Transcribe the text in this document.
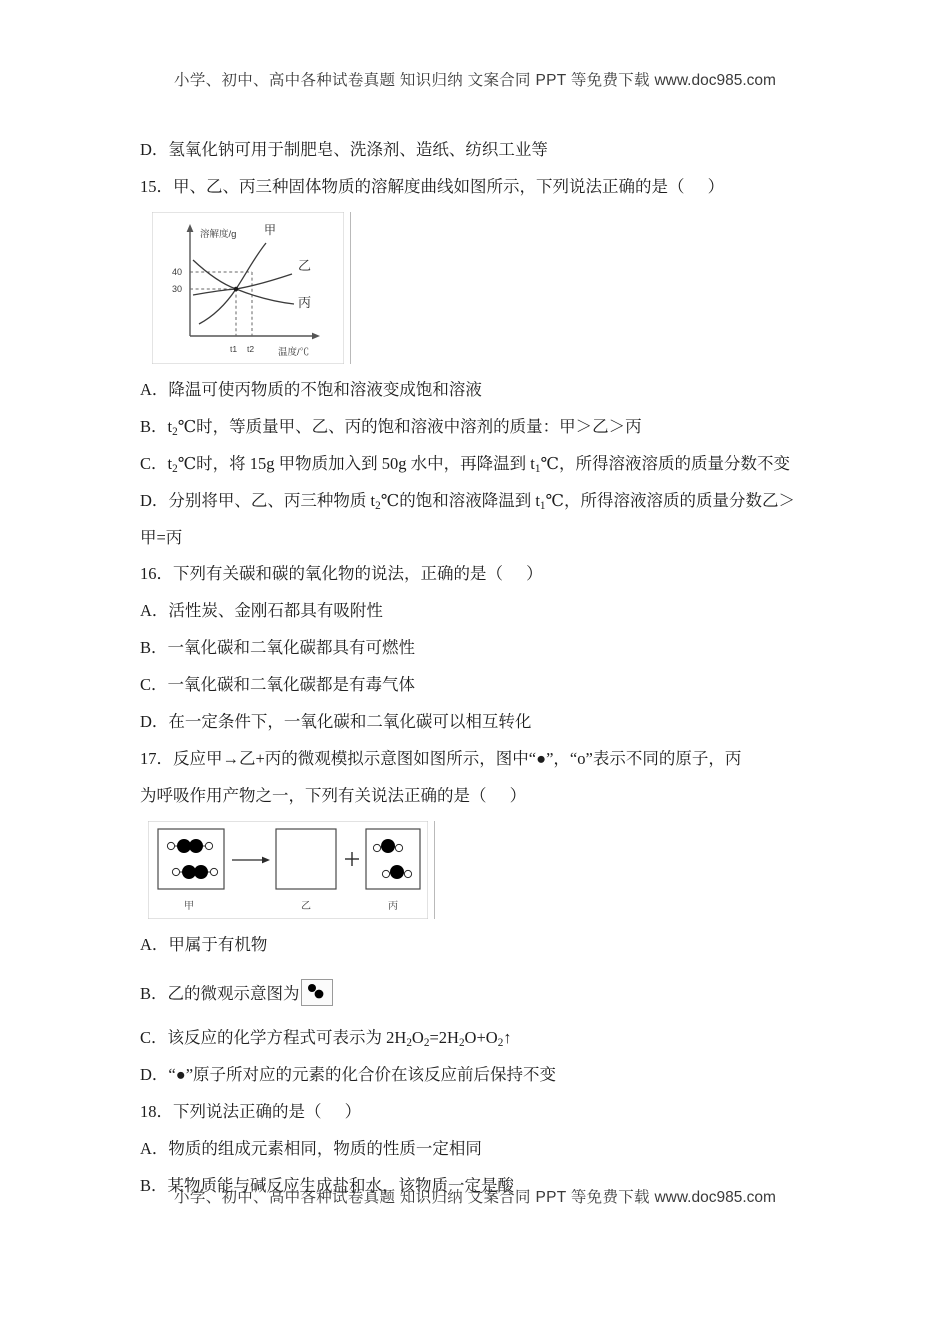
小学、初中、高中各种试卷真题 知识归纳 文案合同 PPT 等免费下载 www.doc985.com

D．氢氧化钠可用于制肥皂、洗涤剂、造纸、纺织工业等

15．甲、乙、丙三种固体物质的溶解度曲线如图所示，下列说法正确的是（ ）

40
30
溶解度/g
温度/℃
t1 t2
甲
乙
丙

A．降温可使丙物质的不饱和溶液变成饱和溶液

B．$t_2℃$时，等质量甲、乙、丙的饱和溶液中溶剂的质量：甲＞乙＞丙

C．$t_2℃$时，将 15g 甲物质加入到 50g 水中，再降温到 $t_1℃$，所得溶液溶质的质量分数不变

D．分别将甲、乙、丙三种物质 $t_2℃$的饱和溶液降温到 $t_1℃$，所得溶液溶质的质量分数乙＞

甲=丙

16．下列有关碳和碳的氧化物的说法，正确的是（ ）

A．活性炭、金刚石都具有吸附性

B．一氧化碳和二氧化碳都具有可燃性

C．一氧化碳和二氧化碳都是有毒气体

D．在一定条件下，一氧化碳和二氧化碳可以相互转化

17．反应甲→乙+丙的微观模拟示意图如图所示，图中“●”，“o”表示不同的原子，丙

为呼吸作用产物之一，下列有关说法正确的是（ ）

甲	乙	丙

A．甲属于有机物

B．乙的微观示意图为

C．该反应的化学方程式可表示为 $2H_2O_2=2H_2O+O_2↑$

D．“●”原子所对应的元素的化合价在该反应前后保持不变

18．下列说法正确的是（ ）

A．物质的组成元素相同，物质的性质一定相同

B．某物质能与碱反应生成盐和水，该物质一定是酸

小学、初中、高中各种试卷真题 知识归纳 文案合同 PPT 等免费下载 www.doc985.com
